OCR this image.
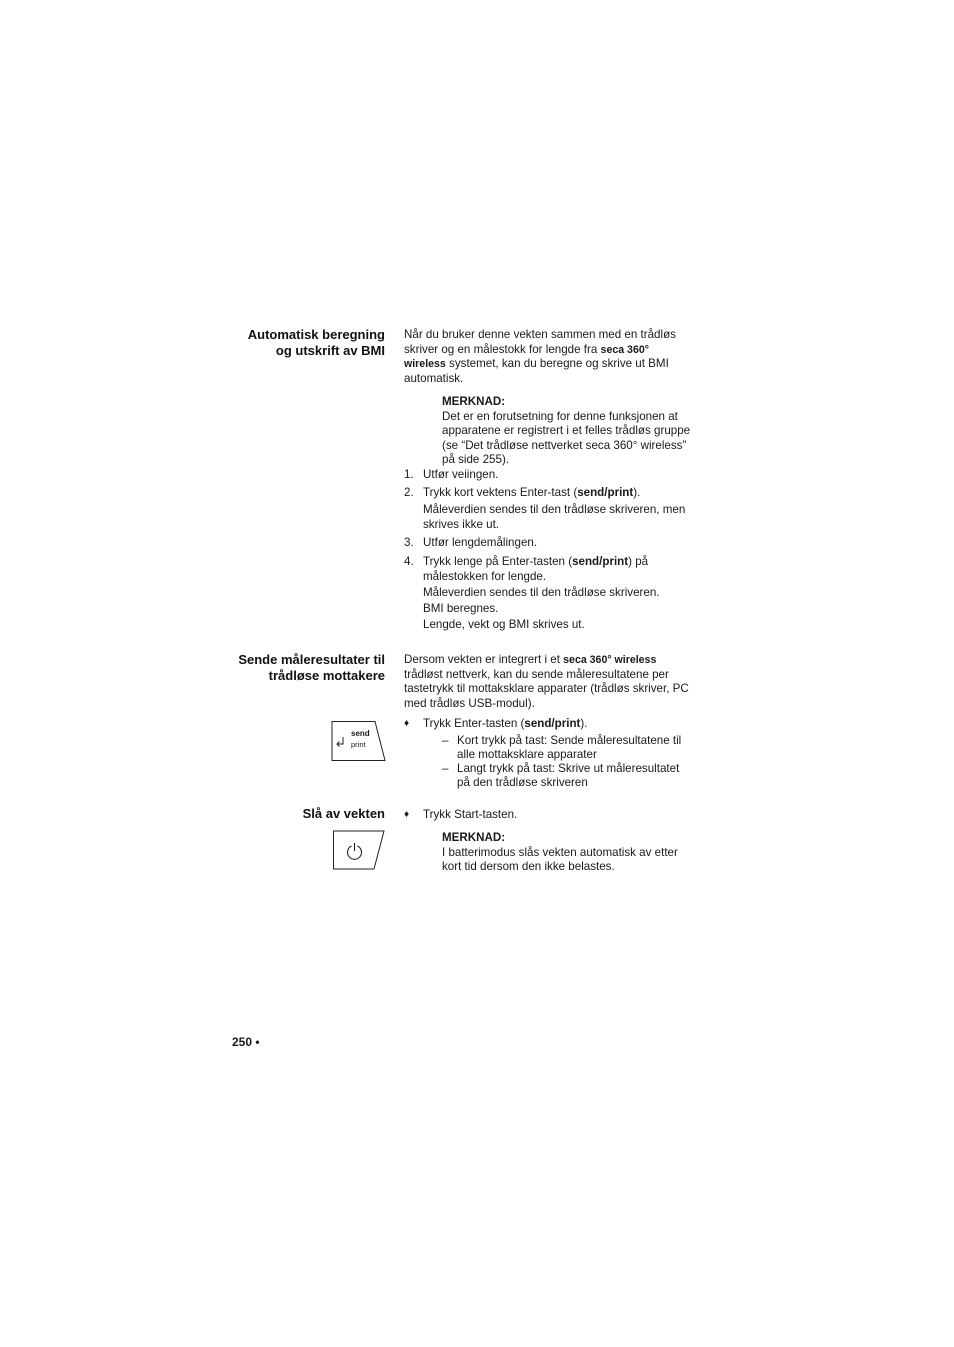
Automatisk beregning
og utskrift av BMI
Når du bruker denne vekten sammen med en trådløs skriver og en målestokk for lengde fra seca 360°
wireless systemet, kan du beregne og skrive ut BMI automatisk.
MERKNAD:
Det er en forutsetning for denne funksjonen at apparatene er registrert i et felles trådløs gruppe (se “Det trådløse nettverket seca 360° wireless” på side 255).
1. Utfør veiingen.
2. Trykk kort vektens Enter-tast (send/print).
Måleverdien sendes til den trådløse skriveren, men skrives ikke ut.
3. Utfør lengdemålingen.
4. Trykk lenge på Enter-tasten (send/print) på målestokken for lengde.
Måleverdien sendes til den trådløse skriveren.
BMI beregnes.
Lengde, vekt og BMI skrives ut.
Sende måleresultater til
trådløse mottakere
Dersom vekten er integrert i et seca 360° wireless trådløst nettverk, kan du sende måleresultatene per tastetrykk til mottaksklare apparater (trådløs skriver, PC med trådløs USB-modul).
send
print
♦ Trykk Enter-tasten (send/print).
– Kort trykk på tast: Sende måleresultatene til alle mottaksklare apparater
– Langt trykk på tast: Skrive ut måleresultatet på den trådløse skriveren
Slå av vekten ♦ Trykk Start-tasten.
MERKNAD:
I batterimodus slås vekten automatisk av etter kort tid dersom den ikke belastes.
250 •
